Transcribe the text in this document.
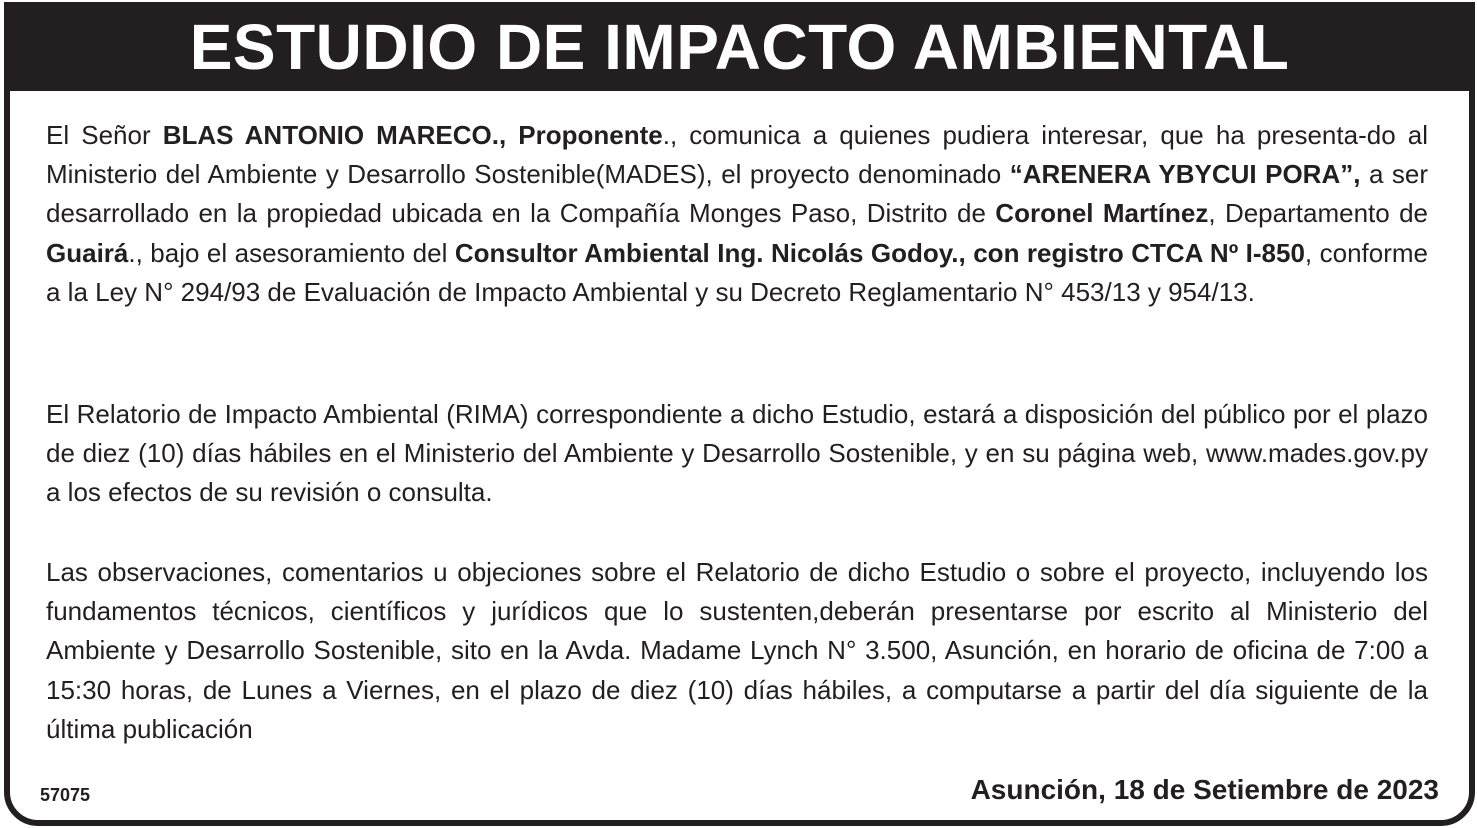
ESTUDIO DE IMPACTO AMBIENTAL

El Señor BLAS ANTONIO MARECO., Proponente., comunica a quienes pudiera interesar, que ha presenta-do al Ministerio del Ambiente y Desarrollo Sostenible(MADES), el proyecto denominado “ARENERA YBYCUI PORA”, a ser desarrollado en la propiedad ubicada en la Compañía Monges Paso, Distrito de Coronel Martínez, Departamento de Guairá., bajo el asesoramiento del Consultor Ambiental Ing. Nicolás Godoy., con registro CTCA Nº I-850, conforme a la Ley N° 294/93 de Evaluación de Impacto Ambiental y su Decreto Reglamentario N° 453/13 y 954/13.

El Relatorio de Impacto Ambiental (RIMA) correspondiente a dicho Estudio, estará a disposición del público por el plazo de diez (10) días hábiles en el Ministerio del Ambiente y Desarrollo Sostenible, y en su página web, www.mades.gov.py a los efectos de su revisión o consulta.

Las observaciones, comentarios u objeciones sobre el Relatorio de dicho Estudio o sobre el proyecto, incluyendo los fundamentos técnicos, científicos y jurídicos que lo sustenten,deberán presentarse por escrito al Ministerio del Ambiente y Desarrollo Sostenible, sito en la Avda. Madame Lynch N° 3.500, Asunción, en horario de oficina de 7:00 a 15:30 horas, de Lunes a Viernes, en el plazo de diez (10) días hábiles, a computarse a partir del día siguiente de la última publicación

57075	Asunción, 18 de Setiembre de 2023
